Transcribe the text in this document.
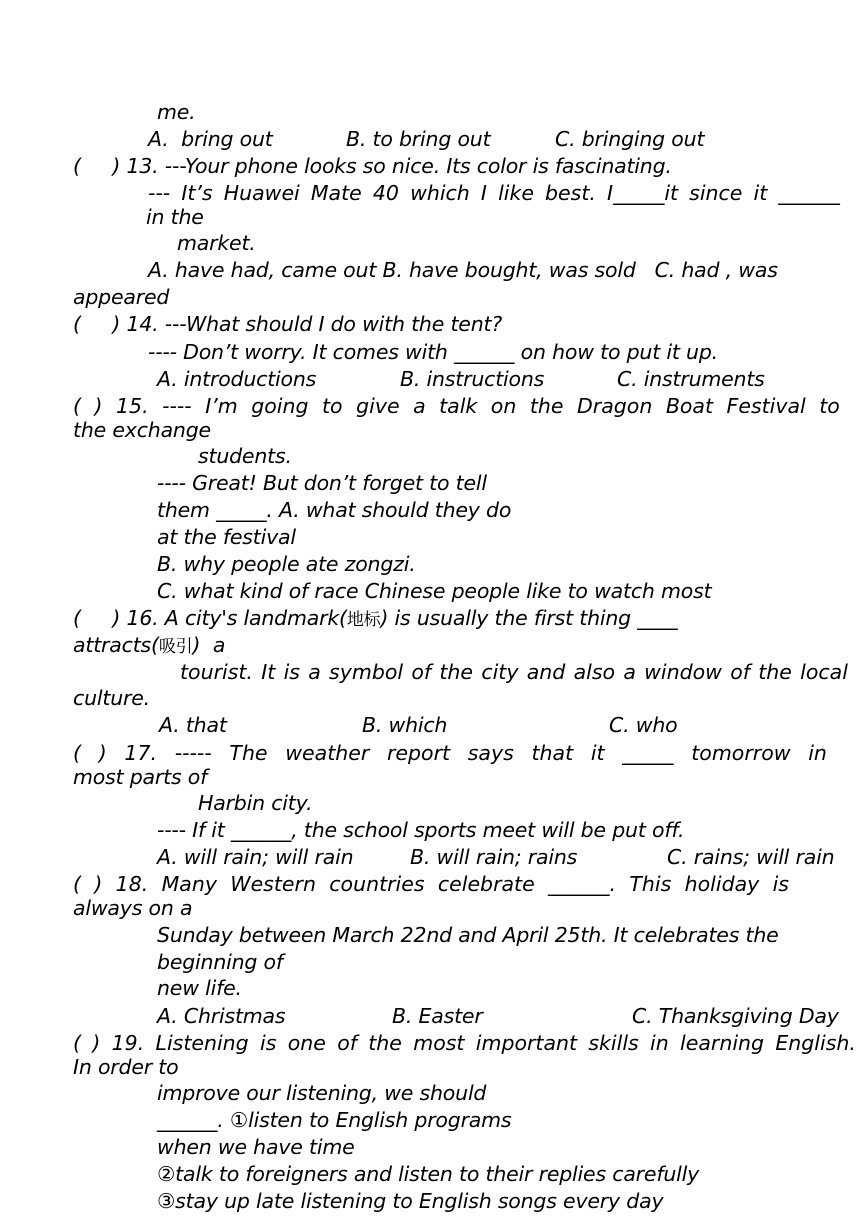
me.
A.  bring out	B. to bring out	C. bringing out
(     ) 13. ---Your phone looks so nice. Its color is fascinating.
--- It’s Huawei Mate 40 which I like best. I_____it since it ______
in the
market.
A. have had, came out B. have bought, was sold   C. had , was
appeared
(     ) 14. ---What should I do with the tent?
---- Don’t worry. It comes with ______ on how to put it up.
A. introductions	B. instructions	C. instruments
( ) 15. ---- I’m going to give a talk on the Dragon Boat Festival to
the exchange
students.
---- Great! But don’t forget to tell
them _____. A. what should they do
at the festival
B. why people ate zongzi.
C. what kind of race Chinese people like to watch most
(     ) 16. A city's landmark(地标) is usually the first thing ____
attracts(吸引)  a
tourist. It is a symbol of the city and also a window of the local
culture.
A. that	B. which	C. who
( ) 17. ----- The weather report says that it _____ tomorrow in
most parts of
Harbin city.
---- If it ______, the school sports meet will be put off.
A. will rain; will rain	B. will rain; rains	C. rains; will rain
( ) 18. Many Western countries celebrate ______. This holiday is
always on a
Sunday between March 22nd and April 25th. It celebrates the
beginning of
new life.
A. Christmas	B. Easter	C. Thanksgiving Day
( ) 19. Listening is one of the most important skills in learning English.
In order to
improve our listening, we should
______. ①listen to English programs
when we have time
②talk to foreigners and listen to their replies carefully
③stay up late listening to English songs every day
